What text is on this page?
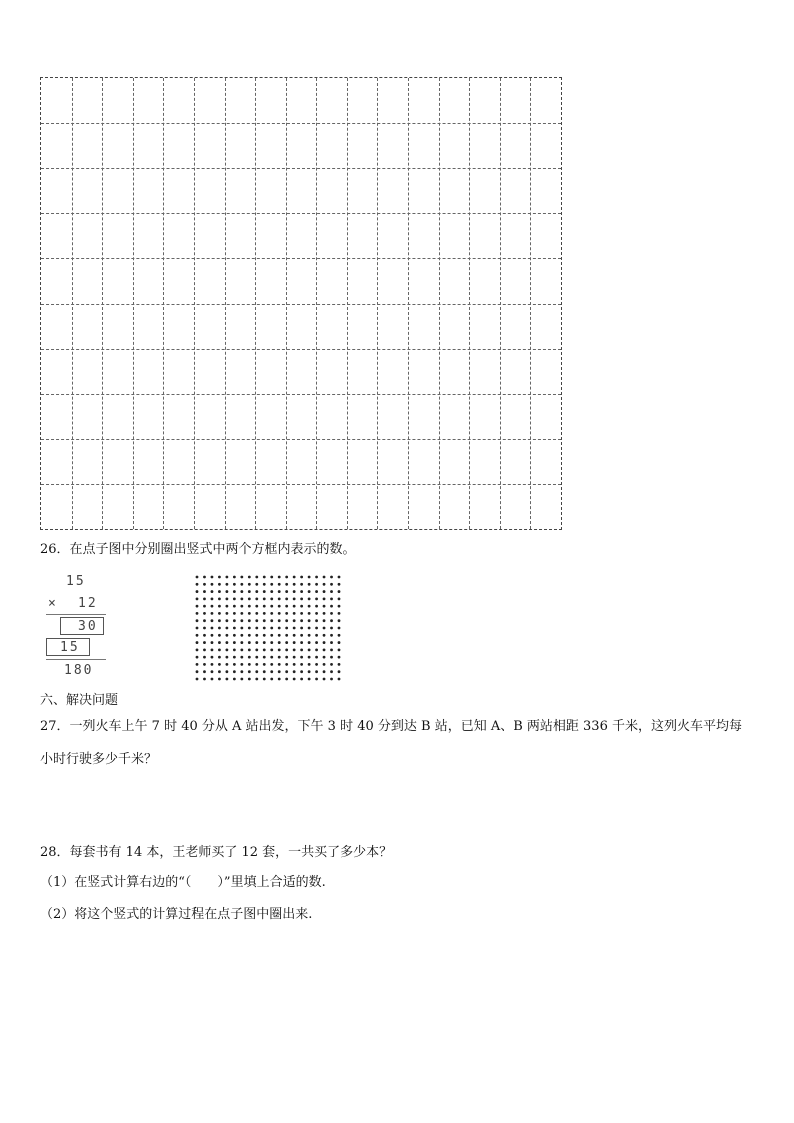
26．在点子图中分别圈出竖式中两个方框内表示的数。
15
× 12
30
15
180
六、解决问题
27．一列火车上午 7 时 40 分从 A 站出发，下午 3 时 40 分到达 B 站，已知 A、B 两站相距 336 千米，这列火车平均每
小时行驶多少千米？
28．每套书有 14 本，王老师买了 12 套，一共买了多少本？
（1）在竖式计算右边的“（　　）”里填上合适的数.
（2）将这个竖式的计算过程在点子图中圈出来.
